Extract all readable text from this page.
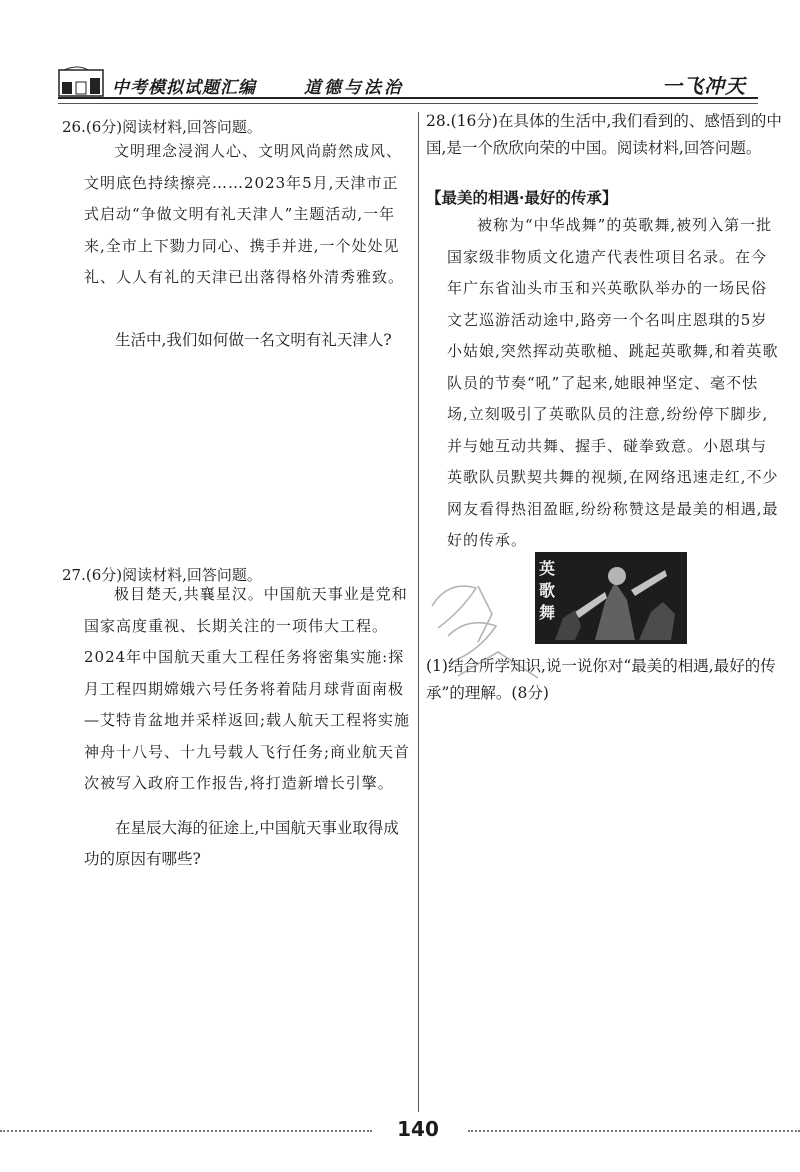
中考模拟试题汇编	道德与法治	一飞冲天
26.(6分)阅读材料,回答问题。

文明理念浸润人心、文明风尚蔚然成风、文明底色持续擦亮……2023年5月,天津市正式启动“争做文明有礼天津人”主题活动,一年来,全市上下勠力同心、携手并进,一个处处见礼、人人有礼的天津已出落得格外清秀雅致。

生活中,我们如何做一名文明有礼天津人?

27.(6分)阅读材料,回答问题。

极目楚天,共襄星汉。中国航天事业是党和国家高度重视、长期关注的一项伟大工程。2024年中国航天重大工程任务将密集实施:探月工程四期嫦娥六号任务将着陆月球背面南极—艾特肯盆地并采样返回;载人航天工程将实施神舟十八号、十九号载人飞行任务;商业航天首次被写入政府工作报告,将打造新增长引擎。

在星辰大海的征途上,中国航天事业取得成功的原因有哪些?

28.(16分)在具体的生活中,我们看到的、感悟到的中国,是一个欣欣向荣的中国。阅读材料,回答问题。
【最美的相遇·最好的传承】

被称为“中华战舞”的英歌舞,被列入第一批国家级非物质文化遗产代表性项目名录。在今年广东省汕头市玉和兴英歌队举办的一场民俗文艺巡游活动途中,路旁一个名叫庄恩琪的5岁小姑娘,突然挥动英歌槌、跳起英歌舞,和着英歌队员的节奏“吼”了起来,她眼神坚定、毫不怯场,立刻吸引了英歌队员的注意,纷纷停下脚步,并与她互动共舞、握手、碰拳致意。小恩琪与英歌队员默契共舞的视频,在网络迅速走红,不少网友看得热泪盈眶,纷纷称赞这是最美的相遇,最好的传承。

英歌舞
(1)结合所学知识,说一说你对“最美的相遇,最好的传承”的理解。(8分)
140
